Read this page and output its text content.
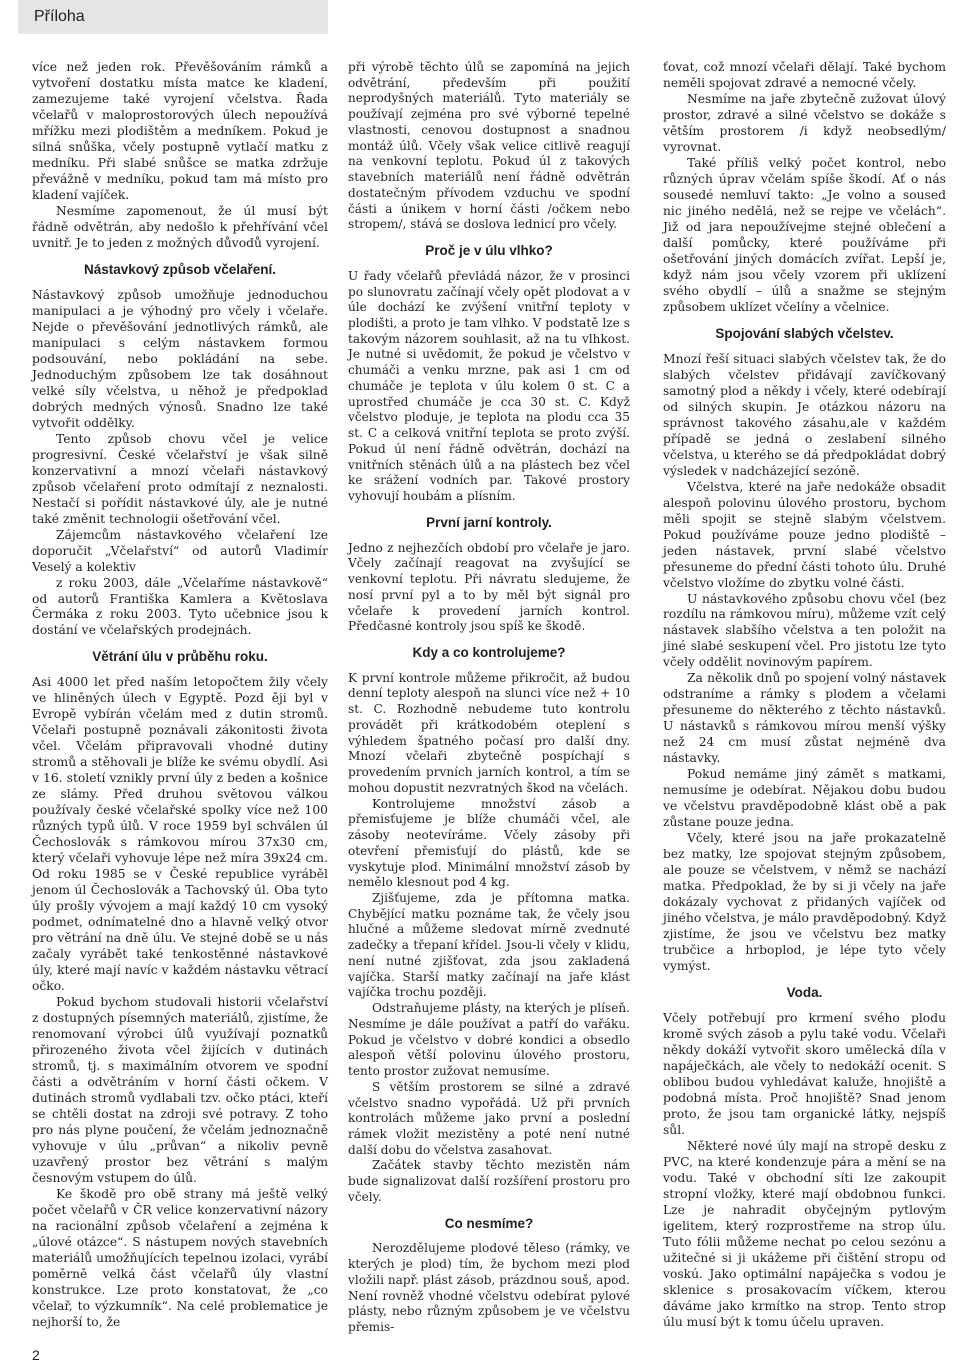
Příloha

více než jeden rok. Převěšováním rámků a vytvoření dostatku místa matce ke kladení, zamezujeme také vyrojení včelstva. Řada včelařů v maloprostorových úlech nepoužívá mřížku mezi plodištěm a medníkem. Pokud je silná snůška, včely postupně vytlačí matku z medníku. Při slabé snůšce se matka zdržuje převážně v medníku, pokud tam má místo pro kladení vajíček.

Nesmíme zapomenout, že úl musí být řádně odvětrán, aby nedošlo k přehřívání včel uvnitř. Je to jeden z možných důvodů vyrojení.

Nástavkový způsob včelaření.

Nástavkový způsob umožňuje jednoduchou manipulaci a je výhodný pro včely i včelaře. Nejde o převěšování jednotlivých rámků, ale manipulaci s celým nástavkem formou podsouvání, nebo pokládání na sebe. Jednoduchým způsobem lze tak dosáhnout velké síly včelstva, u něhož je předpoklad dobrých medných výnosů. Snadno lze také vytvořit oddělky.

Tento způsob chovu včel je velice progresivní. České včelařství je však silně konzervativní a mnozí včelaři nástavkový způsob včelaření proto odmítají z neznalosti. Nestačí si pořídit nástavkové úly, ale je nutné také změnit technologii ošetřování včel.

Zájemcům nástavkového včelaření lze doporučit „Včelařství“ od autorů Vladimír Veselý a kolektiv

z roku 2003, dále „Včelaříme nástavkově“ od autorů Františka Kamlera a Květoslava Čermáka z roku 2003. Tyto učebnice jsou k dostání ve včelařských prodejnách.

Větrání úlu v průběhu roku.

Asi 4000 let před naším letopočtem žily včely ve hliněných úlech v Egyptě. Pozd ěji byl v Evropě vybírán včelám med z dutin stromů. Včelaři postupně poznávali zákonitosti života včel. Včelám připravovali vhodné dutiny stromů a stěhovali je blíže ke svému obydlí. Asi v 16. století vznikly první úly z beden a košnice ze slámy. Před druhou světovou válkou používaly české včelařské spolky více než 100 různých typů úlů. V roce 1959 byl schválen úl Čechoslovák s rámkovou mírou 37x30 cm, který včelaři vyhovuje lépe než míra 39x24 cm. Od roku 1985 se v České republice vyráběl jenom úl Čechoslovák a Tachovský úl. Oba tyto úly prošly vývojem a mají každý 10 cm vysoký podmet, odnímatelné dno a hlavně velký otvor pro větrání na dně úlu. Ve stejné době se u nás začaly vyrábět také tenkostěnné nástavkové úly, které mají navíc v každém nástavku větrací očko.

Pokud bychom studovali historii včelařství z dostupných písemných materiálů, zjistíme, že renomovaní výrobci úlů využívají poznatků přirozeného života včel žijících v dutinách stromů, tj. s maximálním otvorem ve spodní části a odvětráním v horní části očkem. V dutinách stromů vydlabali tzv. očko ptáci, kteří se chtěli dostat na zdroji své potravy. Z toho pro nás plyne poučení, že včelám jednoznačně vyhovuje v úlu „průvan“ a nikoliv pevně uzavřený prostor bez větrání s malým česnovým vstupem do úlů.

Ke škodě pro obě strany má ještě velký počet včelařů v ČR velice konzervativní názory na racionální způsob včelaření a zejména k „úlové otázce“. S nástupem nových stavebních materiálů umožňujících tepelnou izolaci, vyrábí poměrně velká část včelařů úly vlastní konstrukce. Lze proto konstatovat, že „co včelař, to výzkumník“. Na celé problematice je nejhorší to, že

při výrobě těchto úlů se zapomíná na jejich odvětrání, především při použití neprodyšných materiálů. Tyto materiály se používají zejména pro své výborné tepelné vlastnosti, cenovou dostupnost a snadnou montáž úlů. Včely však velice citlivě reagují na venkovní teplotu. Pokud úl z takových stavebních materiálů není řádně odvětrán dostatečným přívodem vzduchu ve spodní části a únikem v horní části /očkem nebo stropem/, stává se doslova lednicí pro včely.

Proč je v úlu vlhko?

U řady včelařů převládá názor, že v prosinci po slunovratu začínají včely opět plodovat a v úle dochází ke zvýšení vnitřní teploty v plodišti, a proto je tam vlhko. V podstatě lze s takovým názorem souhlasit, až na tu vlhkost. Je nutné si uvědomit, že pokud je včelstvo v chumáči a venku mrzne, pak asi 1 cm od chumáče je teplota v úlu kolem 0 st. C a uprostřed chumáče je cca 30 st. C. Když včelstvo ploduje, je teplota na plodu cca 35 st. C a celková vnitřní teplota se proto zvýší. Pokud úl není řádně odvětrán, dochází na vnitřních stěnách úlů a na plástech bez včel ke srážení vodních par. Takové prostory vyhovují houbám a plísním.

První jarní kontroly.

Jedno z nejhezčích období pro včelaře je jaro. Včely začínají reagovat na zvyšující se venkovní teplotu. Při návratu sledujeme, že nosí první pyl a to by měl být signál pro včelaře k provedení jarních kontrol. Předčasné kontroly jsou spíš ke škodě.

Kdy a co kontrolujeme?

K první kontrole můžeme přikročit, až budou denní teploty alespoň na slunci více než + 10 st. C. Rozhodně nebudeme tuto kontrolu provádět při krátkodobém oteplení s výhledem špatného počasí pro další dny. Mnozí včelaři zbytečně pospíchají s provedením prvních jarních kontrol, a tím se mohou dopustit nezvratných škod na včelách.

Kontrolujeme množství zásob a přemisťujeme je blíže chumáči včel, ale zásoby neotevíráme. Včely zásoby při otevření přemisťují do plástů, kde se vyskytuje plod. Minimální množství zásob by nemělo klesnout pod 4 kg.

Zjišťujeme, zda je přítomna matka. Chybějící matku poznáme tak, že včely jsou hlučné a můžeme sledovat mírně zvednuté zadečky a třepaní křídel. Jsou-li včely v klidu, není nutné zjišťovat, zda jsou zakladená vajíčka. Starší matky začínají na jaře klást vajíčka trochu později.

Odstraňujeme plásty, na kterých je plíseň. Nesmíme je dále používat a patří do vařáku. Pokud je včelstvo v dobré kondici a obsedlo alespoň větší polovinu úlového prostoru, tento prostor zužovat nemusíme.

S větším prostorem se silné a zdravé včelstvo snadno vypořádá. Už při prvních kontrolách můžeme jako první a poslední rámek vložit mezistěny a poté není nutné další dobu do včelstva zasahovat.

Začátek stavby těchto mezistěn nám bude signalizovat další rozšíření prostoru pro včely.

Co nesmíme?

Nerozdělujeme plodové těleso (rámky, ve kterých je plod) tím, že bychom mezi plod vložili např. plást zásob, prázdnou souš, apod. Není rovněž vhodné včelstvu odebírat pylové plásty, nebo různým způsobem je ve včelstvu přemis-

ťovat, což mnozí včelaři dělají. Také bychom neměli spojovat zdravé a nemocné včely.

Nesmíme na jaře zbytečně zužovat úlový prostor, zdravé a silné včelstvo se dokáže s větším prostorem /i když neobsedlým/ vyrovnat.

Také příliš velký počet kontrol, nebo různých úprav včelám spíše škodí. Ať o nás sousedé nemluví takto: „Je volno a soused nic jiného nedělá, než se rejpe ve včelách“. Již od jara nepoužívejme stejné oblečení a další pomůcky, které používáme při ošetřování jiných domácích zvířat. Lepší je, když nám jsou včely vzorem při uklízení svého obydlí – úlů a snažme se stejným způsobem uklízet včelíny a včelnice.

Spojování slabých včelstev.

Mnozí řeší situaci slabých včelstev tak, že do slabých včelstev přidávají zavíčkovaný samotný plod a někdy i včely, které odebírají od silných skupin. Je otázkou názoru na správnost takového zásahu,ale v každém případě se jedná o zeslabení silného včelstva, u kterého se dá předpokládat dobrý výsledek v nadcházející sezóně.

Včelstva, které na jaře nedokáže obsadit alespoň polovinu úlového prostoru, bychom měli spojit se stejně slabým včelstvem. Pokud používáme pouze jedno plodiště – jeden nástavek, první slabé včelstvo přesuneme do přední části tohoto úlu. Druhé včelstvo vložíme do zbytku volné části.

U nástavkového způsobu chovu včel (bez rozdílu na rámkovou míru), můžeme vzít celý nástavek slabšího včelstva a ten položit na jiné slabé seskupení včel. Pro jistotu lze tyto včely oddělit novinovým papírem.

Za několik dnů po spojení volný nástavek odstraníme a rámky s plodem a včelami přesuneme do některého z těchto nástavků. U nástavků s rámkovou mírou menší výšky než 24 cm musí zůstat nejméně dva nástavky.

Pokud nemáme jiný zámět s matkami, nemusíme je odebírat. Nějakou dobu budou ve včelstvu pravděpodobně klást obě a pak zůstane pouze jedna.

Včely, které jsou na jaře prokazatelně bez matky, lze spojovat stejným způsobem, ale pouze se včelstvem, v němž se nachází matka. Předpoklad, že by si ji včely na jaře dokázaly vychovat z přidaných vajíček od jiného včelstva, je málo pravděpodobný. Když zjistíme, že jsou ve včelstvu bez matky trubčice a hrboplod, je lépe tyto včely vymýst.

Voda.

Včely potřebují pro krmení svého plodu kromě svých zásob a pylu také vodu. Včelaři někdy dokáží vytvořit skoro umělecká díla v napáječkách, ale včely to nedokáží ocenit. S oblibou budou vyhledávat kaluže, hnojiště a podobná místa. Proč hnojiště? Snad jenom proto, že jsou tam organické látky, nejspíš sůl.

Některé nové úly mají na stropě desku z PVC, na které kondenzuje pára a mění se na vodu. Také v obchodní síti lze zakoupit stropní vložky, které mají obdobnou funkci. Lze je nahradit obyčejným pytlovým igelitem, který rozprostřeme na strop úlu. Tuto fólii můžeme nechat po celou sezónu a užitečné si ji ukážeme při čištění stropu od voskú. Jako optimální napáječka s vodou je sklenice s prosakovacím víčkem, kterou dáváme jako krmítko na strop. Tento strop úlu musí být k tomu účelu upraven.

2
